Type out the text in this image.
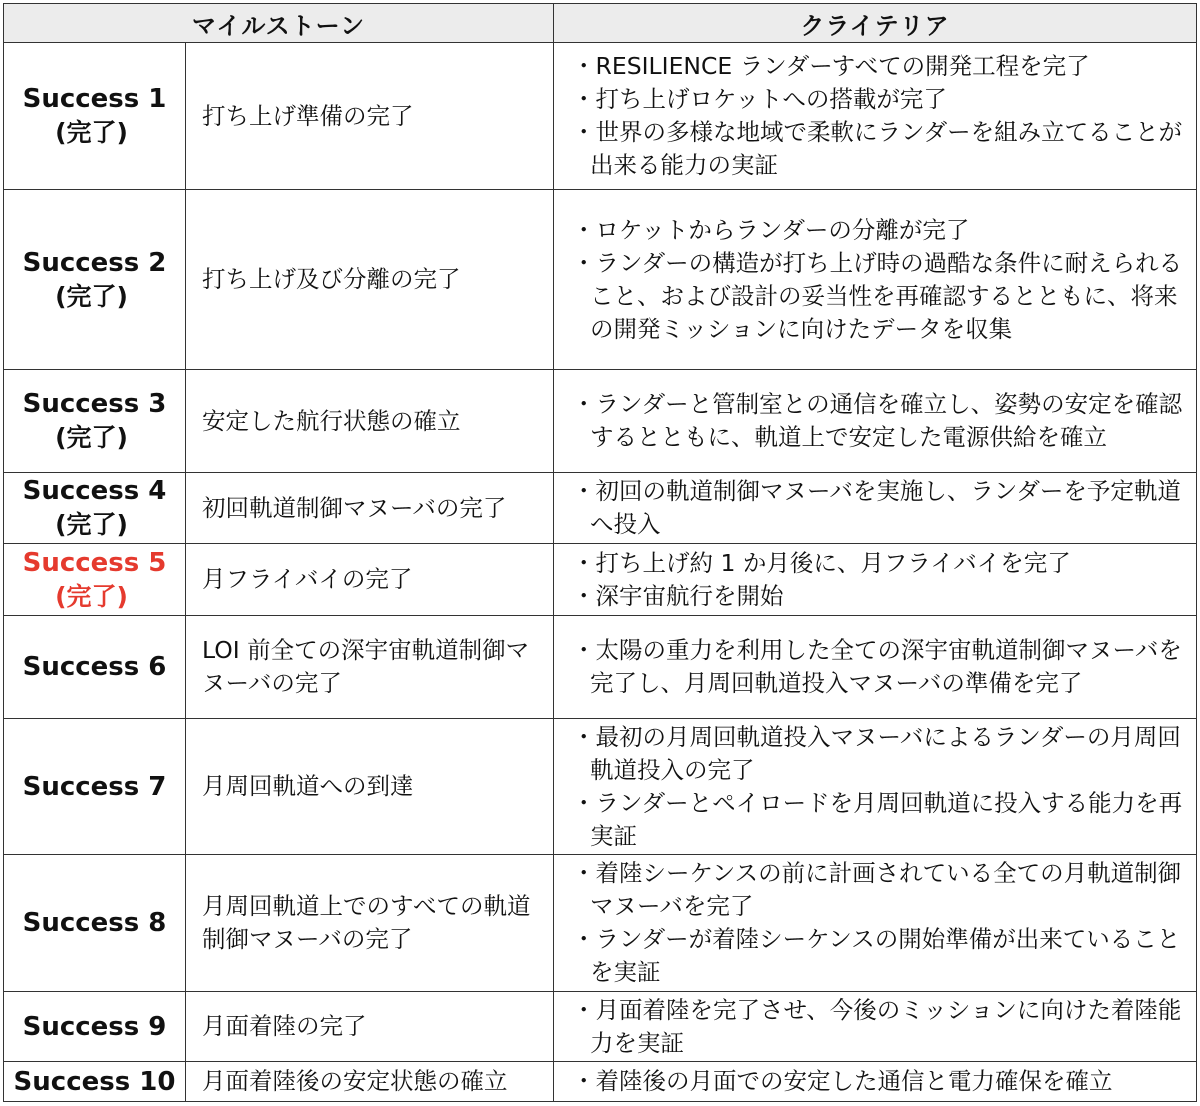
マイルストーン		クライテリア
Success 1
(完了)	打ち上げ準備の完了	・RESILIENCE ランダーすべての開発工程を完了
・打ち上げロケットへの搭載が完了
・世界の多様な地域で柔軟にランダーを組み立てることが出来る能力の実証

Success 2
(完了)	打ち上げ及び分離の完了	・ロケットからランダーの分離が完了
・ランダーの構造が打ち上げ時の過酷な条件に耐えられること、および設計の妥当性を再確認するとともに、将来の開発ミッションに向けたデータを収集

Success 3
(完了)	安定した航行状態の確立	・ランダーと管制室との通信を確立し、姿勢の安定を確認するとともに、軌道上で安定した電源供給を確立

Success 4
(完了)	初回軌道制御マヌーバの完了	・初回の軌道制御マヌーバを実施し、ランダーを予定軌道へ投入

Success 5
(完了)	月フライバイの完了	・打ち上げ約 1 か月後に、月フライバイを完了
・深宇宙航行を開始

Success 6	LOI 前全ての深宇宙軌道制御マヌーバの完了	・太陽の重力を利用した全ての深宇宙軌道制御マヌーバを完了し、月周回軌道投入マヌーバの準備を完了

Success 7	月周回軌道への到達	・最初の月周回軌道投入マヌーバによるランダーの月周回軌道投入の完了
・ランダーとペイロードを月周回軌道に投入する能力を再実証

Success 8	月周回軌道上でのすべての軌道制御マヌーバの完了	・着陸シーケンスの前に計画されている全ての月軌道制御マヌーバを完了
・ランダーが着陸シーケンスの開始準備が出来ていることを実証

Success 9	月面着陸の完了	・月面着陸を完了させ、今後のミッションに向けた着陸能力を実証

Success 10	月面着陸後の安定状態の確立	・着陸後の月面での安定した通信と電力確保を確立
